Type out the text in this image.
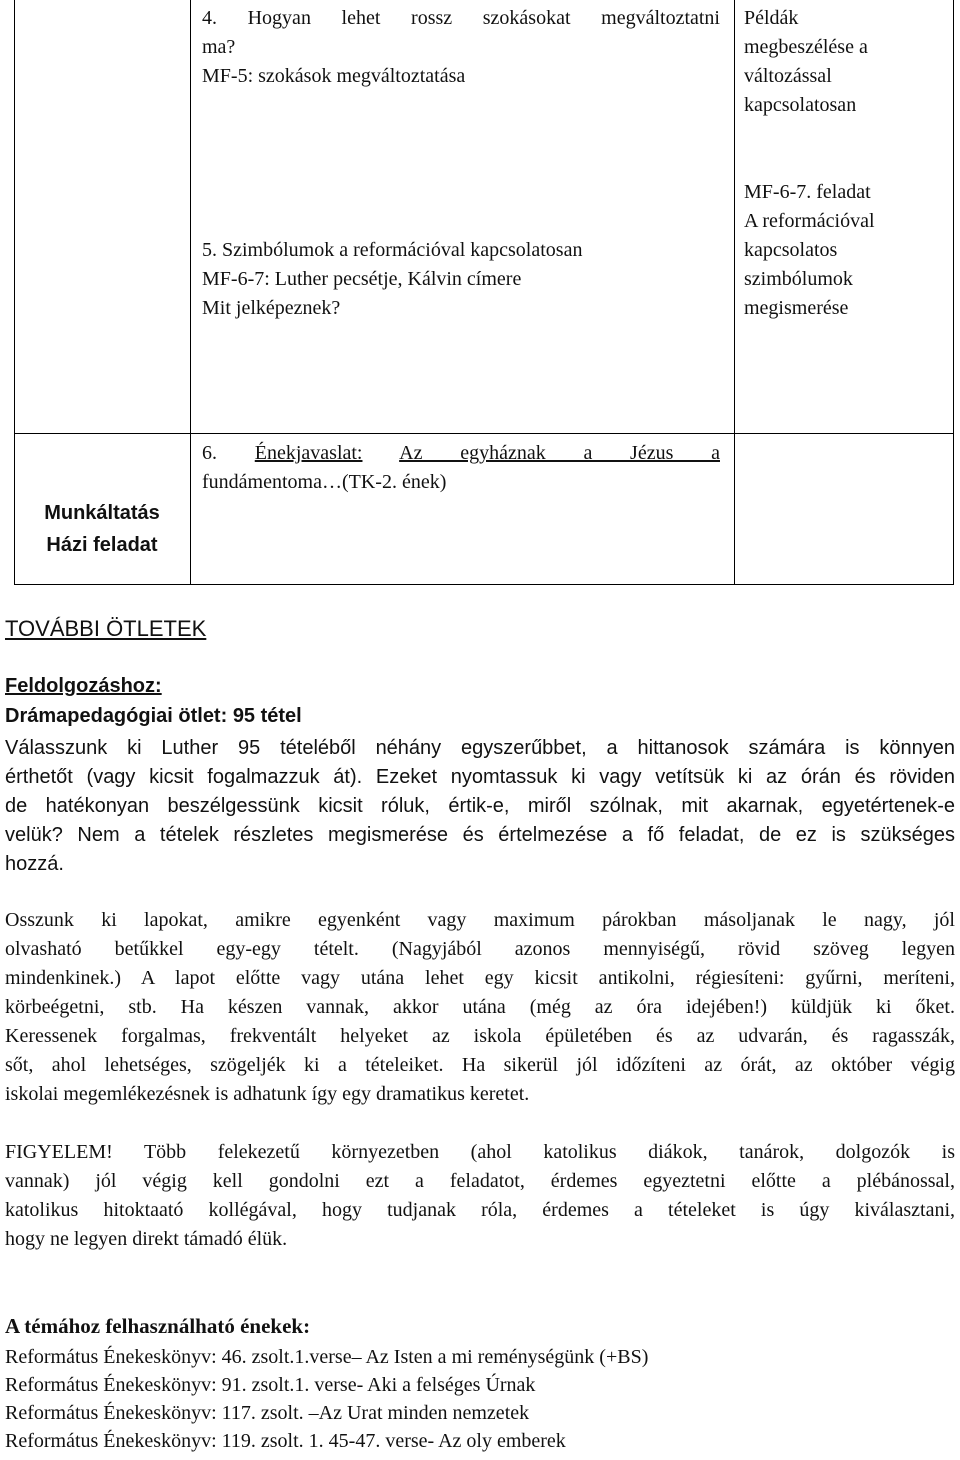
4. Hogyan lehet rossz szokásokat megváltoztatni
ma?
MF-5: szokások megváltoztatása
Példák
megbeszélése a
változással
kapcsolatosan
5. Szimbólumok a reformációval kapcsolatosan
MF-6-7: Luther pecsétje, Kálvin címere
Mit jelképeznek?
MF-6-7. feladat
A reformációval
kapcsolatos
szimbólumok
megismerése
Munkáltatás
Házi feladat
6. Énekjavaslat: Az egyháznak a Jézus a
fundámentoma…(TK-2. ének)
TOVÁBBI ÖTLETEK
Feldolgozáshoz:
Drámapedagógiai ötlet: 95 tétel
Válasszunk ki Luther 95 tételéből néhány egyszerűbbet, a hittanosok számára is könnyen
érthetőt (vagy kicsit fogalmazzuk át). Ezeket nyomtassuk ki vagy vetítsük ki az órán és röviden
de hatékonyan beszélgessünk kicsit róluk, értik-e, miről szólnak, mit akarnak, egyetértenek-e
velük? Nem a tételek részletes megismerése és értelmezése a fő feladat, de ez is szükséges
hozzá.
Osszunk ki lapokat, amikre egyenként vagy maximum párokban másoljanak le nagy, jól
olvasható betűkkel egy-egy tételt. (Nagyjából azonos mennyiségű, rövid szöveg legyen
mindenkinek.) A lapot előtte vagy utána lehet egy kicsit antikolni, régiesíteni: gyűrni, meríteni,
körbeégetni, stb. Ha készen vannak, akkor utána (még az óra idejében!) küldjük ki őket.
Keressenek forgalmas, frekventált helyeket az iskola épületében és az udvarán, és ragasszák,
sőt, ahol lehetséges, szögeljék ki a tételeiket. Ha sikerül jól időzíteni az órát, az október végig
iskolai megemlékezésnek is adhatunk így egy dramatikus keretet.
FIGYELEM! Több felekezetű környezetben (ahol katolikus diákok, tanárok, dolgozók is
vannak) jól végig kell gondolni ezt a feladatot, érdemes egyeztetni előtte a plébánossal,
katolikus hitoktaató kollégával, hogy tudjanak róla, érdemes a tételeket is úgy kiválasztani,
hogy ne legyen direkt támadó élük.
A témához felhasználható énekek:
Református Énekeskönyv: 46. zsolt.1.verse– Az Isten a mi reménységünk (+BS)
Református Énekeskönyv: 91. zsolt.1. verse- Aki a felséges Úrnak
Református Énekeskönyv: 117. zsolt. –Az Urat minden nemzetek
Református Énekeskönyv: 119. zsolt. 1. 45-47. verse- Az oly emberek
